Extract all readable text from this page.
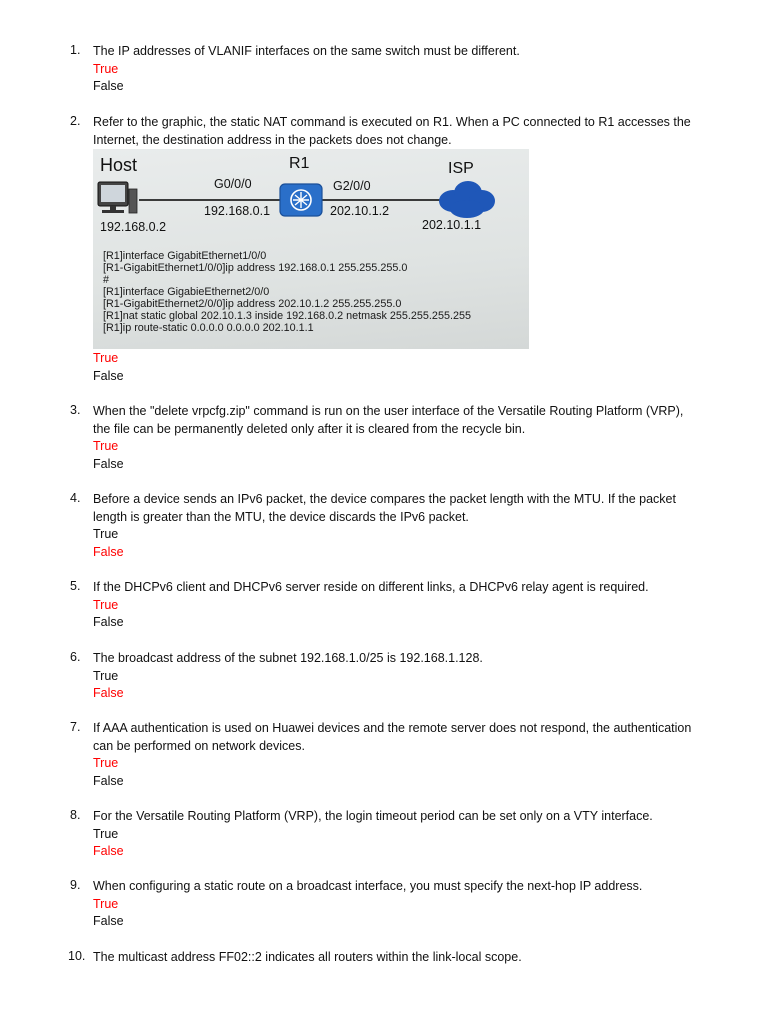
1.	The IP addresses of VLANIF interfaces on the same switch must be different.
True
False
2.	Refer to the graphic, the static NAT command is executed on R1. When a PC connected to R1 accesses the
Internet, the destination address in the packets does not change.
Host	R1	ISP
G0/0/0	G2/0/0
192.168.0.1	202.10.1.2
192.168.0.2	202.10.1.1
[R1]interface GigabitEthernet1/0/0
[R1-GigabitEthernet1/0/0]ip address 192.168.0.1 255.255.255.0
#
[R1]interface GigabieEthernet2/0/0
[R1-GigabitEthernet2/0/0]ip address 202.10.1.2 255.255.255.0
[R1]nat static global 202.10.1.3 inside 192.168.0.2 netmask 255.255.255.255
[R1]ip route-static 0.0.0.0 0.0.0.0 202.10.1.1
True
False
3.	When the "delete vrpcfg.zip" command is run on the user interface of the Versatile Routing Platform (VRP),
the file can be permanently deleted only after it is cleared from the recycle bin.
True
False
4.	Before a device sends an IPv6 packet, the device compares the packet length with the MTU. If the packet
length is greater than the MTU, the device discards the IPv6 packet.
True
False
5.	If the DHCPv6 client and DHCPv6 server reside on different links, a DHCPv6 relay agent is required.
True
False
6.	The broadcast address of the subnet 192.168.1.0/25 is 192.168.1.128.
True
False
7.	If AAA authentication is used on Huawei devices and the remote server does not respond, the authentication
can be performed on network devices.
True
False
8.	For the Versatile Routing Platform (VRP), the login timeout period can be set only on a VTY interface.
True
False
9.	When configuring a static route on a broadcast interface, you must specify the next-hop IP address.
True
False
10. The multicast address FF02::2 indicates all routers within the link-local scope.
